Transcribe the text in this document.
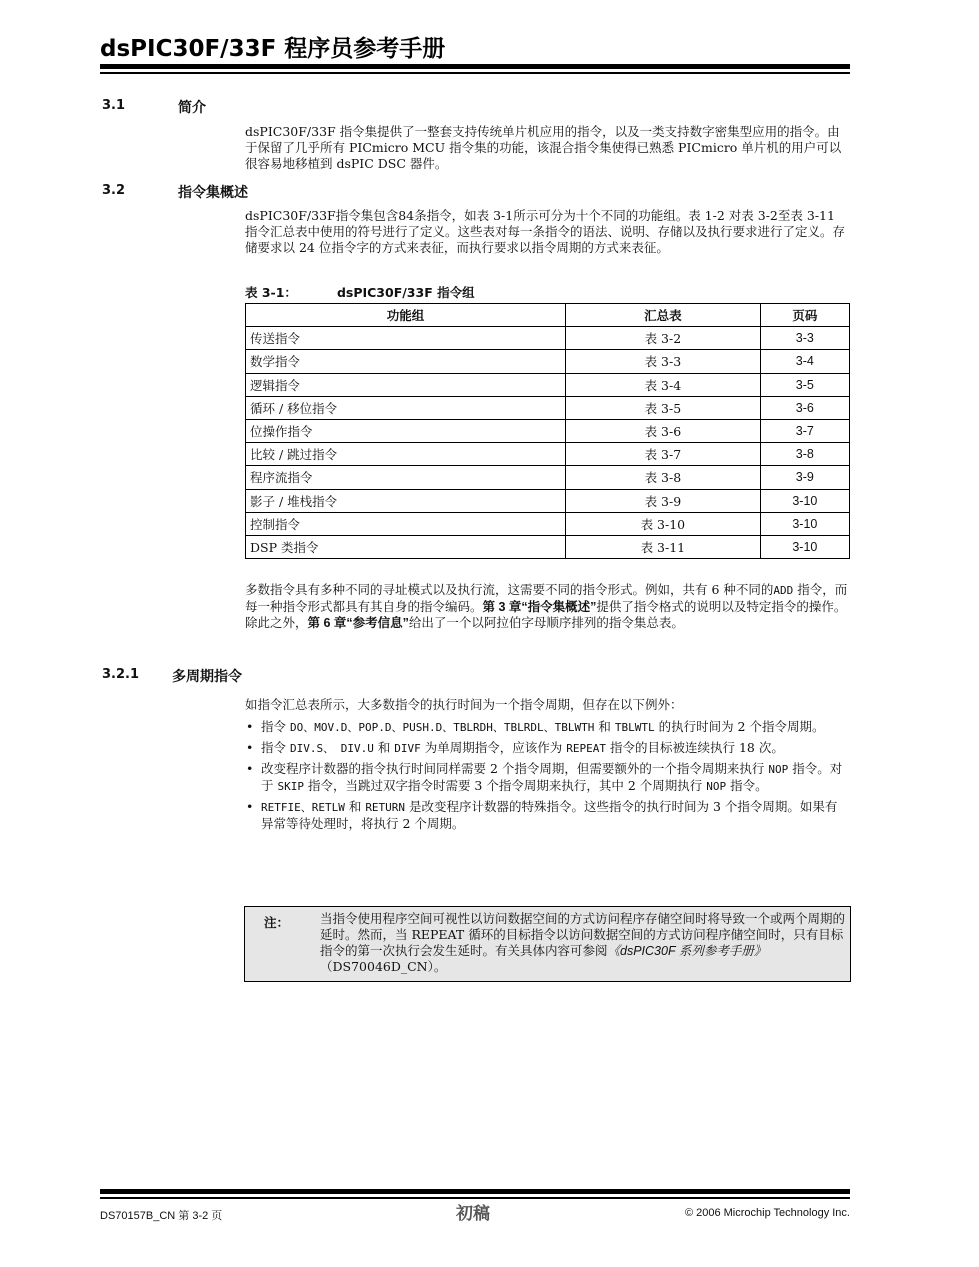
dsPIC30F/33F 程序员参考手册
3.1	简介
dsPIC30F/33F 指令集提供了一整套支持传统单片机应用的指令，以及一类支持数字密集型应用的指令。由于保留了几乎所有 PICmicro MCU 指令集的功能，该混合指令集使得已熟悉 PICmicro 单片机的用户可以很容易地移植到 dsPIC DSC 器件。
3.2	指令集概述
dsPIC30F/33F指令集包含84条指令，如表 3-1所示可分为十个不同的功能组。表 1-2 对表 3-2至表 3-11 指令汇总表中使用的符号进行了定义。这些表对每一条指令的语法、说明、存储以及执行要求进行了定义。存储要求以 24 位指令字的方式来表征，而执行要求以指令周期的方式来表征。
表 3-1：	dsPIC30F/33F 指令组
功能组	汇总表	页码
传送指令	表 3-2	3-3
数学指令	表 3-3	3-4
逻辑指令	表 3-4	3-5
循环 / 移位指令	表 3-5	3-6
位操作指令	表 3-6	3-7
比较 / 跳过指令	表 3-7	3-8
程序流指令	表 3-8	3-9
影子 / 堆栈指令	表 3-9	3-10
控制指令	表 3-10	3-10
DSP 类指令	表 3-11	3-10
多数指令具有多种不同的寻址模式以及执行流，这需要不同的指令形式。例如，共有 6 种不同的ADD 指令，而每一种指令形式都具有其自身的指令编码。第 3 章“指令集概述”提供了指令格式的说明以及特定指令的操作。除此之外，第 6 章“参考信息”给出了一个以阿拉伯字母顺序排列的指令集总表。
3.2.1 多周期指令
如指令汇总表所示，大多数指令的执行时间为一个指令周期，但存在以下例外：
• 指令 DO、MOV.D、POP.D、PUSH.D、TBLRDH、TBLRDL、TBLWTH 和 TBLWTL 的执行时间为 2 个指令周期。
• 指令 DIV.S、 DIV.U 和 DIVF 为单周期指令，应该作为 REPEAT 指令的目标被连续执行 18 次。
• 改变程序计数器的指令执行时间同样需要 2 个指令周期，但需要额外的一个指令周期来执行 NOP 指令。对于 SKIP 指令，当跳过双字指令时需要 3 个指令周期来执行，其中 2 个周期执行 NOP 指令。
• RETFIE、RETLW 和 RETURN 是改变程序计数器的特殊指令。这些指令的执行时间为 3 个指令周期。如果有异常等待处理时，将执行 2 个周期。
注： 当指令使用程序空间可视性以访问数据空间的方式访问程序存储空间时将导致一个或两个周期的延时。然而，当 REPEAT 循环的目标指令以访问数据空间的方式访问程序储空间时，只有目标指令的第一次执行会发生延时。有关具体内容可参阅《dsPIC30F 系列参考手册》（DS70046D_CN）。
DS70157B_CN 第 3-2 页	初稿	© 2006 Microchip Technology Inc.
